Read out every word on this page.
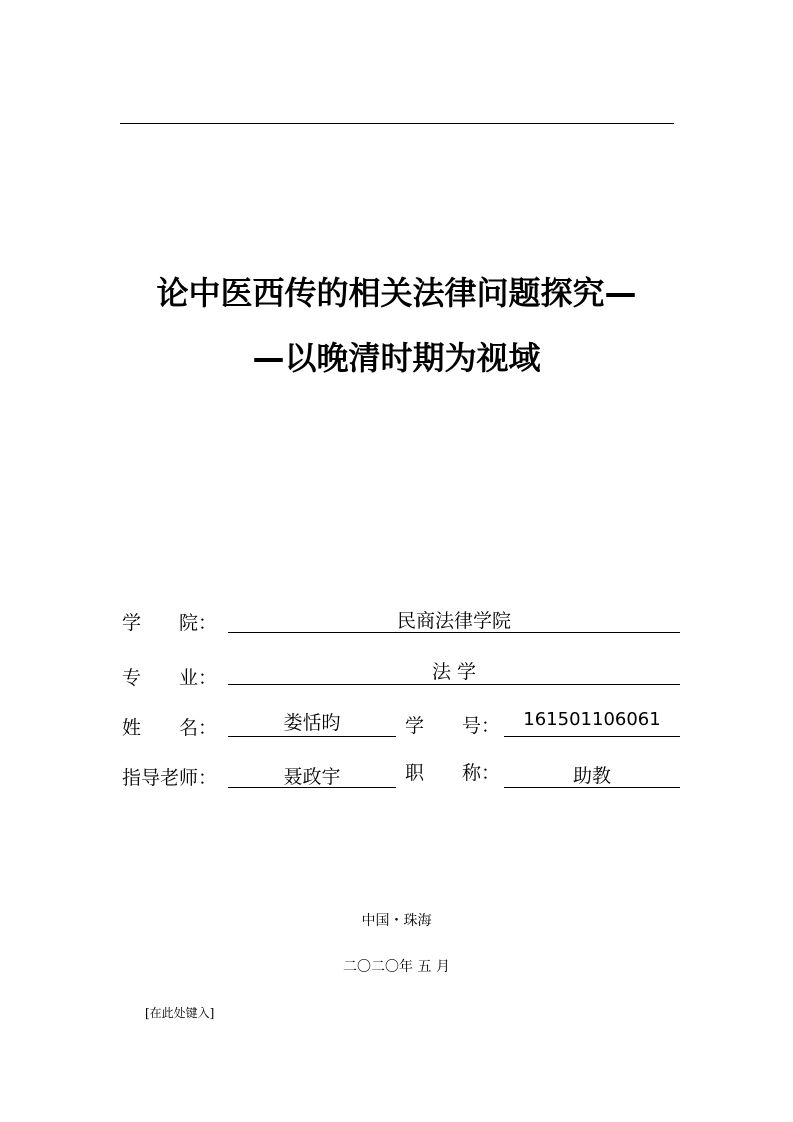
论中医西传的相关法律问题探究—
—以晚清时期为视域
学　　院：	民商法律学院
专　　业：	法 学
姓　　名：	娄恬昀	学　　号：	161501106061
指导老师：	聂政宇	职　　称：	助教
中国・珠海
二〇二〇年 五 月
[在此处键入]
